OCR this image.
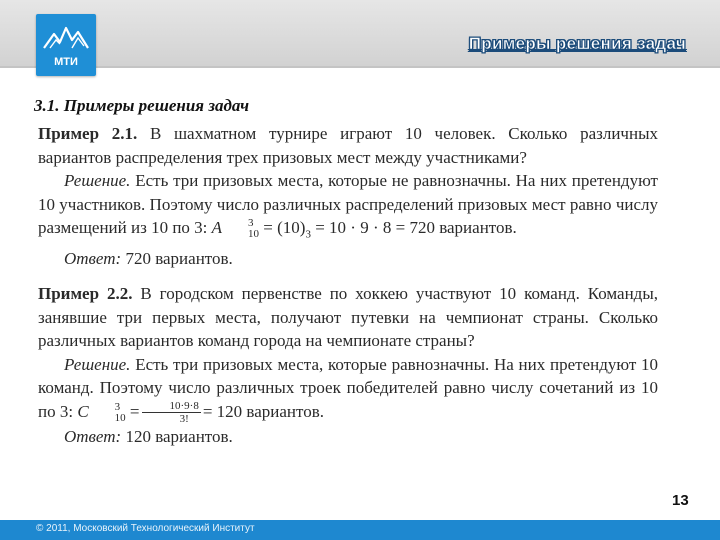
МТИ
Примеры решения задач
3.1. Примеры решения задач

Пример 2.1. В шахматном турнире играют 10 человек. Сколько различных вариантов распределения трех призовых мест между участниками?

Решение. Есть три призовых места, которые не равнозначны. На них претендуют 10 участников. Поэтому число различных распределений призовых мест равно числу размещений из 10 по 3: A	3
$10 = (10)_3 = 10 \cdot 9 \cdot 8 = 720$ вариантов.

Ответ: 720 вариантов.

Пример 2.2. В городском первенстве по хоккею участвуют 10 команд. Команды, занявшие три первых места, получают путевки на чемпионат страны. Сколько различных вариантов команд города на чемпионате страны?

Решение. Есть три призовых места, которые равнозначны. На них претендуют 10 команд. Поэтому число различных троек победителей равно числу сочетаний из 10 по 3: C	3
$10 = \frac{10\cdot 9\cdot 8}{3!} = 120$ вариантов.

Ответ: 120 вариантов.

13
© 2011, Московский Технологический Институт
